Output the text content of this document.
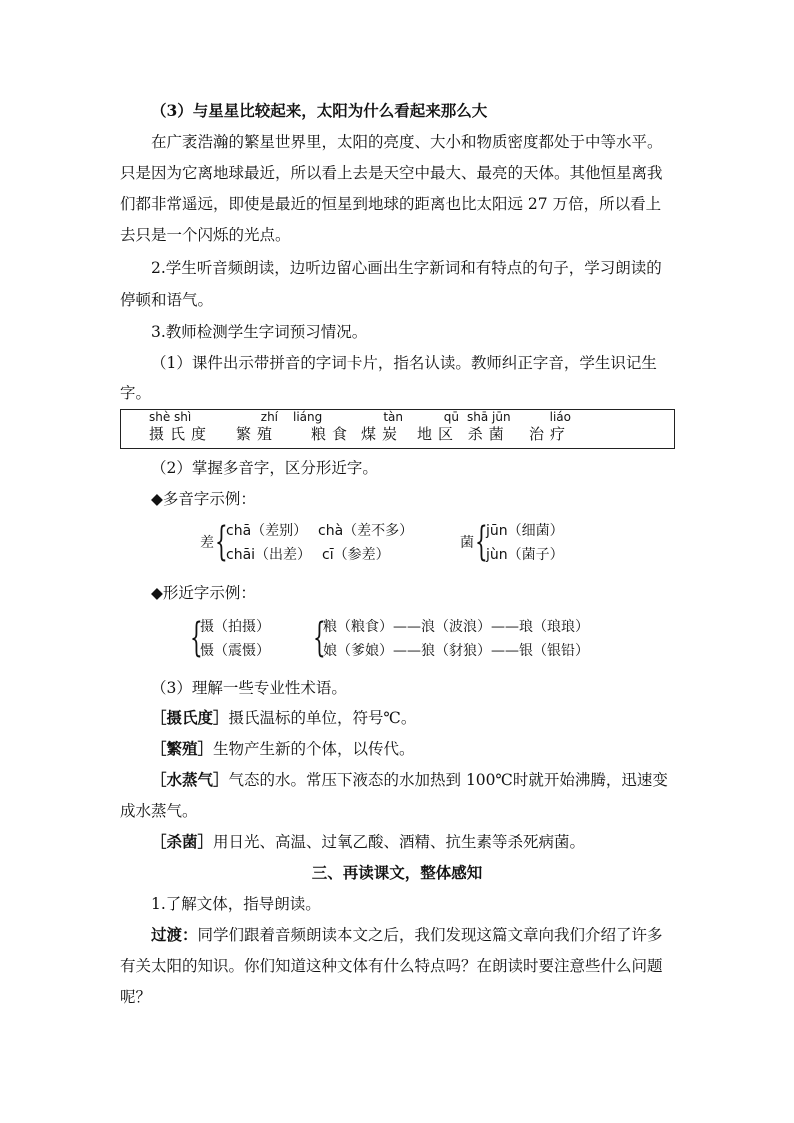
（3）与星星比较起来，太阳为什么看起来那么大
在广袤浩瀚的繁星世界里，太阳的亮度、大小和物质密度都处于中等水平。
只是因为它离地球最近，所以看上去是天空中最大、最亮的天体。其他恒星离我
们都非常遥远，即使是最近的恒星到地球的距离也比太阳远 27 万倍，所以看上
去只是一个闪烁的光点。
2.学生听音频朗读，边听边留心画出生字新词和有特点的句子，学习朗读的
停顿和语气。
3.教师检测学生字词预习情况。
（1）课件出示带拼音的字词卡片，指名认读。教师纠正字音，学生识记生
字。
shè shì
摄氏度
zhí
繁殖
liáng
粮食
tàn
煤炭
qū
地区
shā jūn
杀菌
liáo
治疗
（2）掌握多音字，区分形近字。
◆多音字示例：
差 {
chā（差别） chà（差不多）
chāi（出差） cī（参差）
菌 {
jūn（细菌）
jùn（菌子）
◆形近字示例：
{
摄（拍摄）
慑（震慑） {
粮（粮食）——浪（波浪）——琅（琅琅）
娘（爹娘）——狼（豺狼）——银（银铅）
（3）理解一些专业性术语。
［摄氏度］摄氏温标的单位，符号℃。
［繁殖］生物产生新的个体，以传代。
［水蒸气］气态的水。常压下液态的水加热到 100℃时就开始沸腾，迅速变
成水蒸气。
［杀菌］用日光、高温、过氧乙酸、酒精、抗生素等杀死病菌。
三、再读课文，整体感知
1.了解文体，指导朗读。
过渡：同学们跟着音频朗读本文之后，我们发现这篇文章向我们介绍了许多
有关太阳的知识。你们知道这种文体有什么特点吗？在朗读时要注意些什么问题
呢？
